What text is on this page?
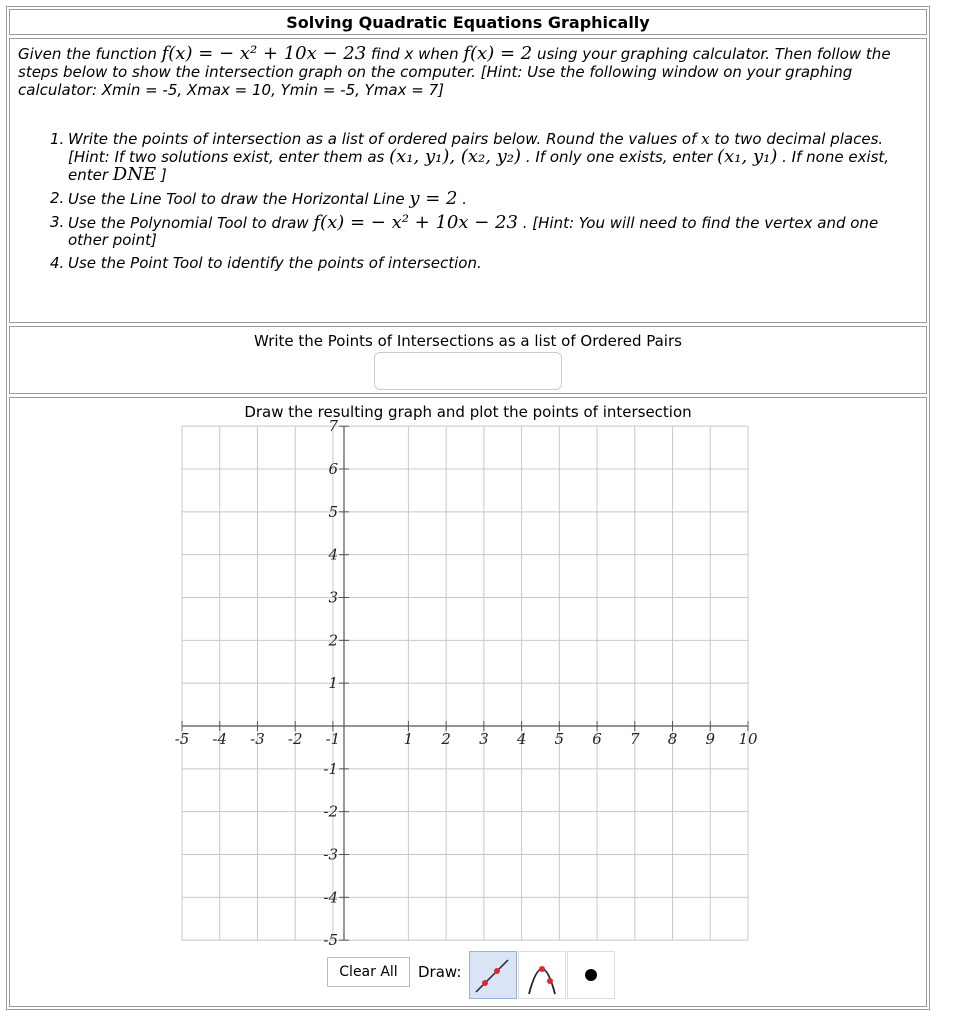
Solving Quadratic Equations Graphically
Given the function f(x) = − x² + 10x − 23 find x when f(x) = 2 using your graphing calculator. Then follow the steps below to show the intersection graph on the computer. [Hint: Use the following window on your graphing calculator: Xmin = -5, Xmax = 10, Ymin = -5, Ymax = 7]
1. Write the points of intersection as a list of ordered pairs below. Round the values of x to two decimal places. [Hint: If two solutions exist, enter them as (x₁, y₁), (x₂, y₂) . If only one exists, enter (x₁, y₁) . If none exist, enter DNE ]
2. Use the Line Tool to draw the Horizontal Line y = 2 .
3. Use the Polynomial Tool to draw f(x) = − x² + 10x − 23 . [Hint: You will need to find the vertex and one other point]
4. Use the Point Tool to identify the points of intersection.
Write the Points of Intersections as a list of Ordered Pairs
-5 -4 -3 -2 -1	1 2 3 4 5 6 7 8 9 10
7
6
5
4
3
2
1
-1
-2
-3
-4
-5
Draw the resulting graph and plot the points of intersection
Clear All	Draw:
